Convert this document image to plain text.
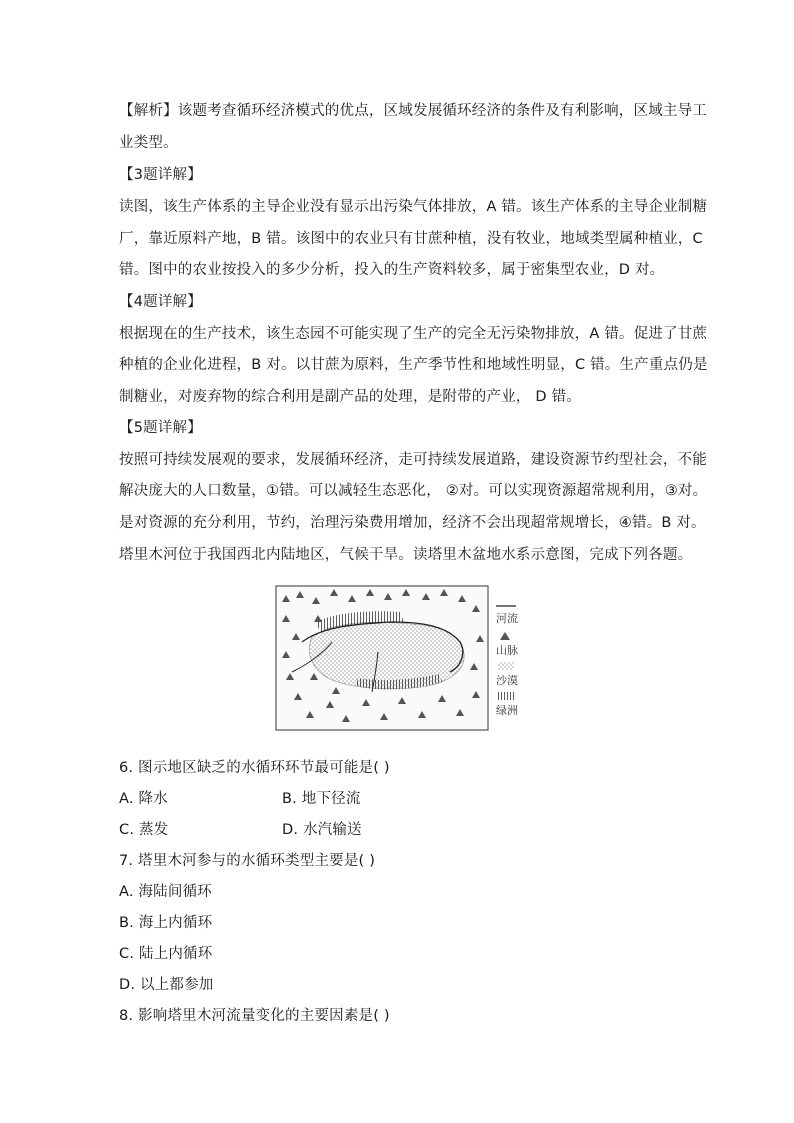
【解析】该题考查循环经济模式的优点，区域发展循环经济的条件及有利影响，区域主导工
业类型。
【3题详解】
读图，该生产体系的主导企业没有显示出污染气体排放，A 错。该生产体系的主导企业制糖
厂，靠近原料产地，B 错。该图中的农业只有甘蔗种植，没有牧业，地域类型属种植业，C
错。图中的农业按投入的多少分析，投入的生产资料较多，属于密集型农业，D 对。
【4题详解】
根据现在的生产技术，该生态园不可能实现了生产的完全无污染物排放，A 错。促进了甘蔗
种植的企业化进程，B 对。以甘蔗为原料，生产季节性和地域性明显，C 错。生产重点仍是
制糖业，对废弃物的综合利用是副产品的处理，是附带的产业， D 错。
【5题详解】
按照可持续发展观的要求，发展循环经济，走可持续发展道路，建设资源节约型社会，不能
解决庞大的人口数量，①错。可以减轻生态恶化， ②对。可以实现资源超常规利用，③对。
是对资源的充分利用，节约，治理污染费用增加，经济不会出现超常规增长，④错。B 对。
塔里木河位于我国西北内陆地区，气候干旱。读塔里木盆地水系示意图，完成下列各题。
河流
山脉
沙漠
绿洲
6. 图示地区缺乏的水循环环节最可能是( )
A. 降水	B. 地下径流
C. 蒸发	D. 水汽输送
7. 塔里木河参与的水循环类型主要是( )
A. 海陆间循环
B. 海上内循环
C. 陆上内循环
D. 以上都参加
8. 影响塔里木河流量变化的主要因素是( )
